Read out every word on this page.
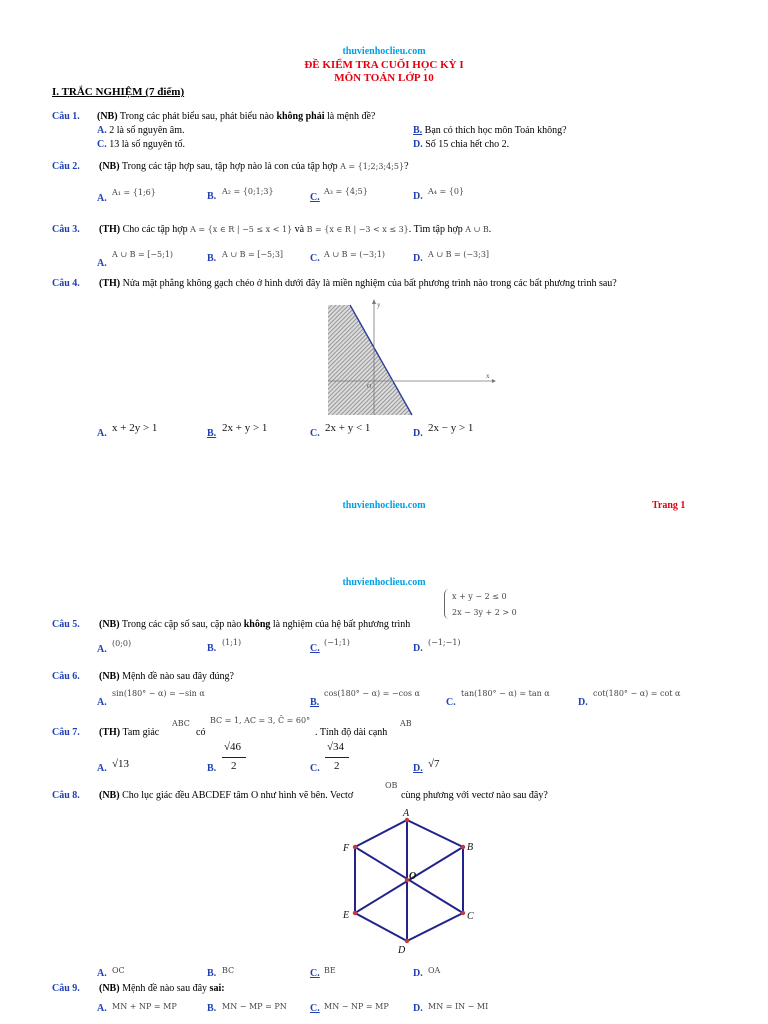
thuvienhoclieu.com
ĐỀ KIỂM TRA CUỐI HỌC KỲ I
MÔN TOÁN LỚP 10
I. TRẮC NGHIỆM (7 điểm)
Câu 1. (NB) Trong các phát biểu sau, phát biểu nào không phải là mệnh đề?
A. 2 là số nguyên âm.	B. Bạn có thích học môn Toán không?
C. 13 là số nguyên tố.	D. Số 15 chia hết cho 2.
Câu 2. (NB) Trong các tập hợp sau, tập hợp nào là con của tập hợp A = {1;2;3;4;5}?
A.
A₁ = {1;6}	B. A₂ = {0;1;3}
C.
A₃ = {4;5}	D. A₄ = {0}
Câu 3. (TH) Cho các tập hợp A = {x ∈ R | −5 ≤ x < 1} và B = {x ∈ R | −3 < x ≤ 3}. Tìm tập hợp A ∪ B.
A.
A ∪ B = [−5;1)	B. A ∪ B = [−5;3]	C. A ∪ B = (−3;1)	D. A ∪ B = (−3;3]
Câu 4. (TH) Nửa mặt phẳng không gạch chéo ở hình dưới đây là miền nghiệm của bất phương trình nào trong các bất phương trình sau?
x
y
O
A. x + 2y > 1	B. 2x + y > 1	C. 2x + y < 1	D. 2x − y > 1
thuvienhoclieu.com	Trang 1
thuvienhoclieu.com
Câu 5. (NB) Trong các cặp số sau, cặp nào không là nghiệm của hệ bất phương trình
x + y − 2 ≤ 0
2x − 3y + 2 > 0
A.
(0;0)	B.
(1;1)
C.
(−1;1)
D.
(−1;−1)
Câu 6. (NB) Mệnh đề nào sau đây đúng?
A.
sin(180° − α) = −sin α
B.
cos(180° − α) = −cos α
C.
tan(180° − α) = tan α
D.
cot(180° − α) = cot α
Câu 7. (TH) Tam giác
ABC
có
BC = 1, AC = 3, Ĉ = 60°
. Tính độ dài cạnh
AB
A. √13	B.
√46
2	C.
√34
2	D. √7
Câu 8. (NB) Cho lục giác đều ABCDEF tâm O như hình vẽ bên. Vectơ
OB
cùng phương với vectơ nào sau đây?
A
B
C
D
E
F
O
A. OC	B. BC	C. BE	D. OA
Câu 9. (NB) Mệnh đề nào sau đây sai:
A. MN + NP = MP	B. MN − MP = PN C. MN − NP = MP D. MN = IN − MI
